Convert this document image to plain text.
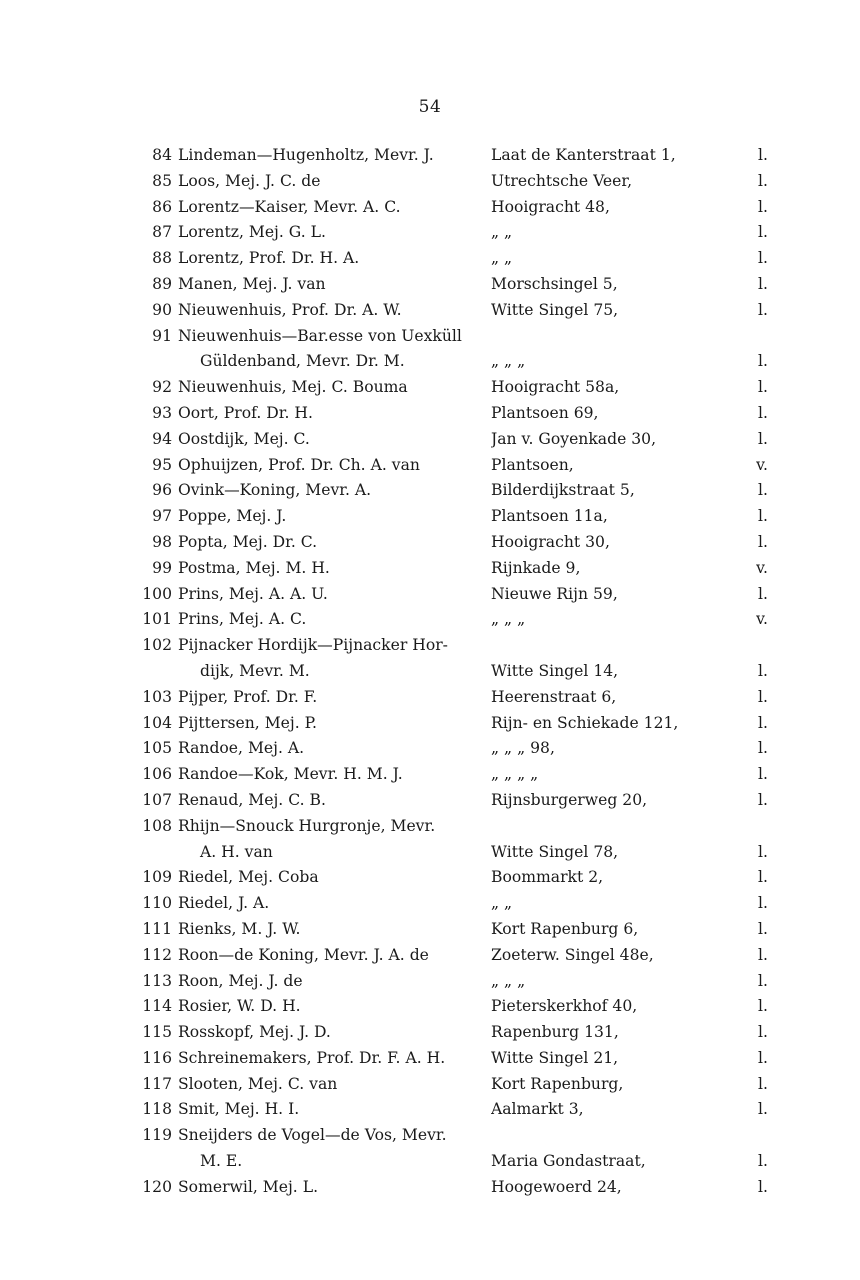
54
84 Lindeman—Hugenholtz, Mevr. J.	Laat de Kanterstraat 1,	l.
85 Loos, Mej. J. C. de	Utrechtsche Veer,	l.
86 Lorentz—Kaiser, Mevr. A. C.	Hooigracht 48,	l.
87 Lorentz, Mej. G. L.	„ „	l.
88 Lorentz, Prof. Dr. H. A.	„ „	l.
89 Manen, Mej. J. van	Morschsingel 5,	l.
90 Nieuwenhuis, Prof. Dr. A. W.	Witte Singel 75,	l.
91 Nieuwenhuis—Bar.esse von Uexküll
Güldenband, Mevr. Dr. M.	„ „ „	l.
92 Nieuwenhuis, Mej. C. Bouma	Hooigracht 58a,	l.
93 Oort, Prof. Dr. H.	Plantsoen 69,	l.
94 Oostdijk, Mej. C.	Jan v. Goyenkade 30,	l.
95 Ophuijzen, Prof. Dr. Ch. A. van	Plantsoen,	v.
96 Ovink—Koning, Mevr. A.	Bilderdijkstraat 5,	l.
97 Poppe, Mej. J.	Plantsoen 11a,	l.
98 Popta, Mej. Dr. C.	Hooigracht 30,	l.
99 Postma, Mej. M. H.	Rijnkade 9,	v.
100 Prins, Mej. A. A. U.	Nieuwe Rijn 59,	l.
101 Prins, Mej. A. C.	„ „ „	v.
102 Pijnacker Hordijk—Pijnacker Hor-
dijk, Mevr. M.	Witte Singel 14,	l.
103 Pijper, Prof. Dr. F.	Heerenstraat 6,	l.
104 Pijttersen, Mej. P.	Rijn- en Schiekade 121,	l.
105 Randoe, Mej. A.	„ „ „ 98,	l.
106 Randoe—Kok, Mevr. H. M. J.	„ „ „ „	l.
107 Renaud, Mej. C. B.	Rijnsburgerweg 20,	l.
108 Rhijn—Snouck Hurgronje, Mevr.
A. H. van	Witte Singel 78,	l.
109 Riedel, Mej. Coba	Boommarkt 2,	l.
110 Riedel, J. A.	„ „	l.
111 Rienks, M. J. W.	Kort Rapenburg 6,	l.
112 Roon—de Koning, Mevr. J. A. de	Zoeterw. Singel 48e,	l.
113 Roon, Mej. J. de	„ „ „	l.
114 Rosier, W. D. H.	Pieterskerkhof 40,	l.
115 Rosskopf, Mej. J. D.	Rapenburg 131,	l.
116 Schreinemakers, Prof. Dr. F. A. H.	Witte Singel 21,	l.
117 Slooten, Mej. C. van	Kort Rapenburg,	l.
118 Smit, Mej. H. I.	Aalmarkt 3,	l.
119 Sneijders de Vogel—de Vos, Mevr.
M. E.	Maria Gondastraat,	l.
120 Somerwil, Mej. L.	Hoogewoerd 24,	l.
